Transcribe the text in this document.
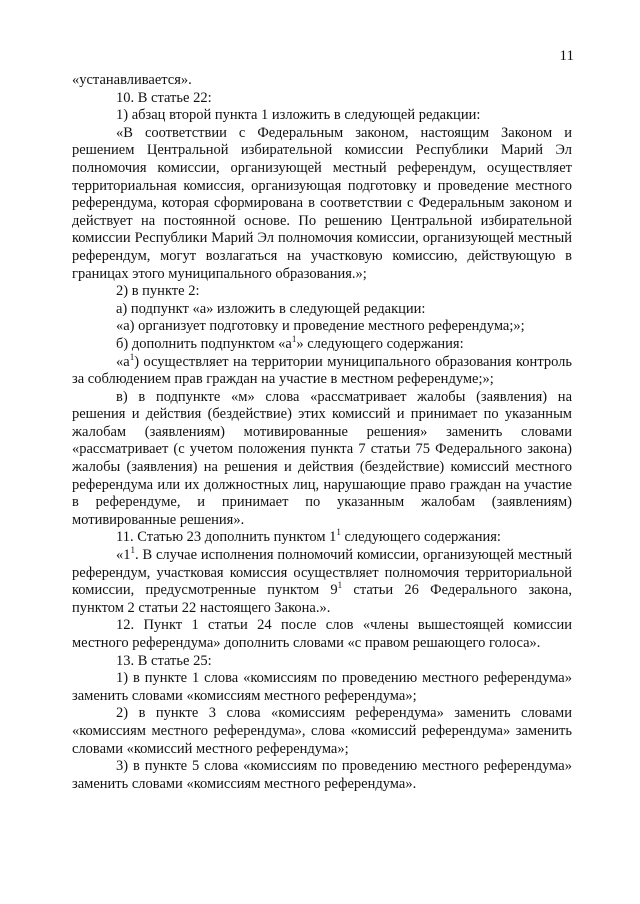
11

«устанавливается».

10. В статье 22:

1) абзац второй пункта 1 изложить в следующей редакции:

«В соответствии с Федеральным законом, настоящим Законом и решением Центральной избирательной комиссии Республики Марий Эл полномочия комиссии, организующей местный референдум, осуществляет территориальная комиссия, организующая подготовку и проведение местного референдума, которая сформирована в соответствии с Федеральным законом и действует на постоянной основе. По решению Центральной избирательной комиссии Республики Марий Эл полномочия комиссии, организующей местный референдум, могут возлагаться на участковую комиссию, действующую в границах этого муниципального образования.»;

2) в пункте 2:

а) подпункт «а» изложить в следующей редакции:

«а) организует подготовку и проведение местного референдума;»;

б) дополнить подпунктом «$а^1$» следующего содержания:

«$а^1$) осуществляет на территории муниципального образования контроль за соблюдением прав граждан на участие в местном референдуме;»;

в) в подпункте «м» слова «рассматривает жалобы (заявления) на решения и действия (бездействие) этих комиссий и принимает по указанным жалобам (заявлениям) мотивированные решения» заменить словами «рассматривает (с учетом положения пункта 7 статьи 75 Федерального закона) жалобы (заявления) на решения и действия (бездействие) комиссий местного референдума или их должностных лиц, нарушающие право граждан на участие в референдуме, и принимает по указанным жалобам (заявлениям) мотивированные решения».

11. Статью 23 дополнить пунктом $1^1$ следующего содержания:

«$1^1$. В случае исполнения полномочий комиссии, организующей местный референдум, участковая комиссия осуществляет полномочия территориальной комиссии, предусмотренные пунктом $9^1$ статьи 26 Федерального закона, пунктом 2 статьи 22 настоящего Закона.».

12. Пункт 1 статьи 24 после слов «члены вышестоящей комиссии местного референдума» дополнить словами «с правом решающего голоса».

13. В статье 25:

1) в пункте 1 слова «комиссиям по проведению местного референдума» заменить словами «комиссиям местного референдума»;

2) в пункте 3 слова «комиссиям референдума» заменить словами «комиссиям местного референдума», слова «комиссий референдума» заменить словами «комиссий местного референдума»;

3) в пункте 5 слова «комиссиям по проведению местного референдума» заменить словами «комиссиям местного референдума».
